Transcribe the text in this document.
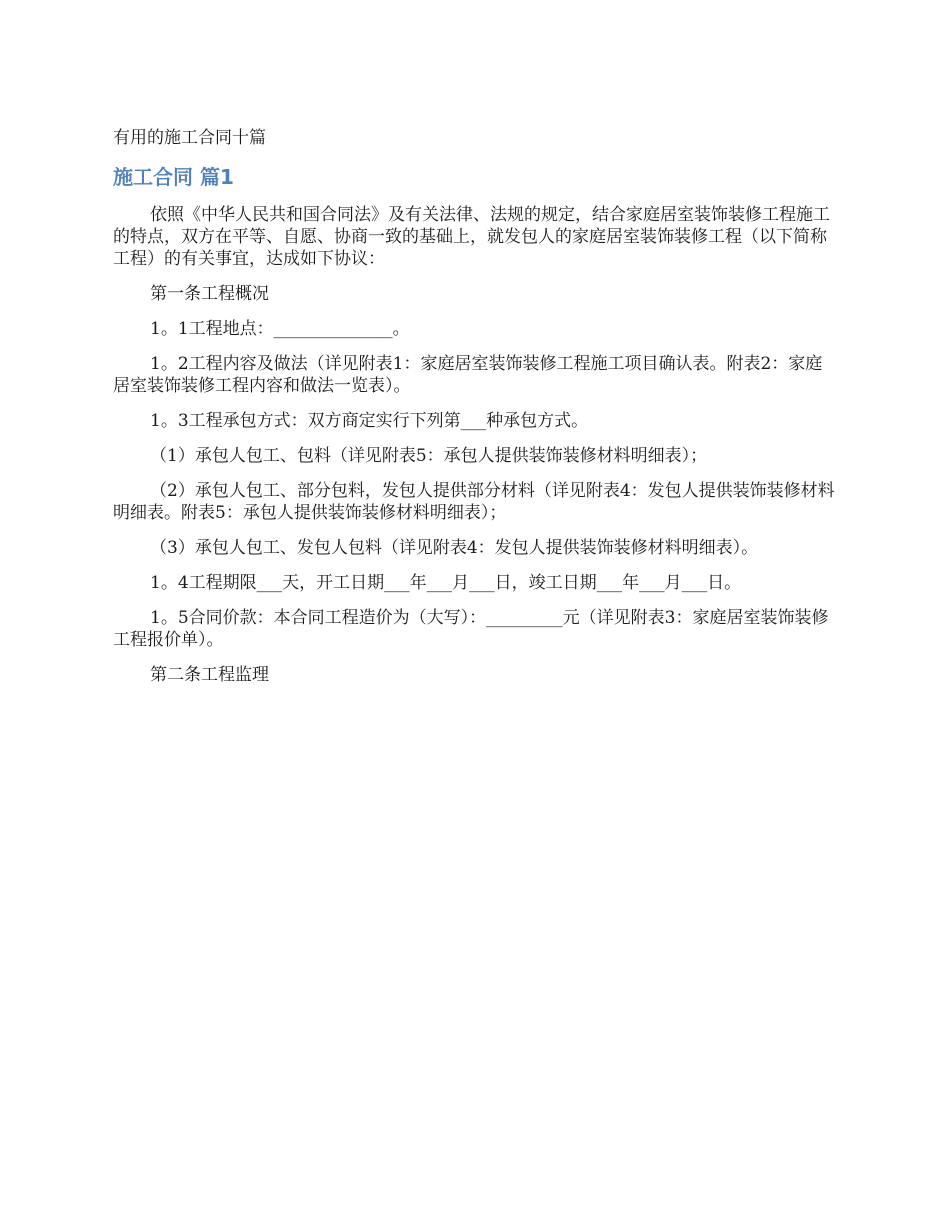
有用的施工合同十篇

施工合同 篇1

依照《中华人民共和国合同法》及有关法律、法规的规定，结合家庭居室装饰装修工程施工的特点，双方在平等、自愿、协商一致的基础上，就发包人的家庭居室装饰装修工程（以下简称工程）的有关事宜，达成如下协议：

第一条工程概况

1。1工程地点：______________。

1。2工程内容及做法（详见附表1：家庭居室装饰装修工程施工项目确认表。附表2：家庭居室装饰装修工程内容和做法一览表）。

1。3工程承包方式：双方商定实行下列第___种承包方式。

（1）承包人包工、包料（详见附表5：承包人提供装饰装修材料明细表）；

（2）承包人包工、部分包料，发包人提供部分材料（详见附表4：发包人提供装饰装修材料明细表。附表5：承包人提供装饰装修材料明细表）；

（3）承包人包工、发包人包料（详见附表4：发包人提供装饰装修材料明细表）。

1。4工程期限___天，开工日期___年___月___日，竣工日期___年___月___日。

1。5合同价款：本合同工程造价为（大写）：_________元（详见附表3：家庭居室装饰装修工程报价单）。

第二条工程监理
